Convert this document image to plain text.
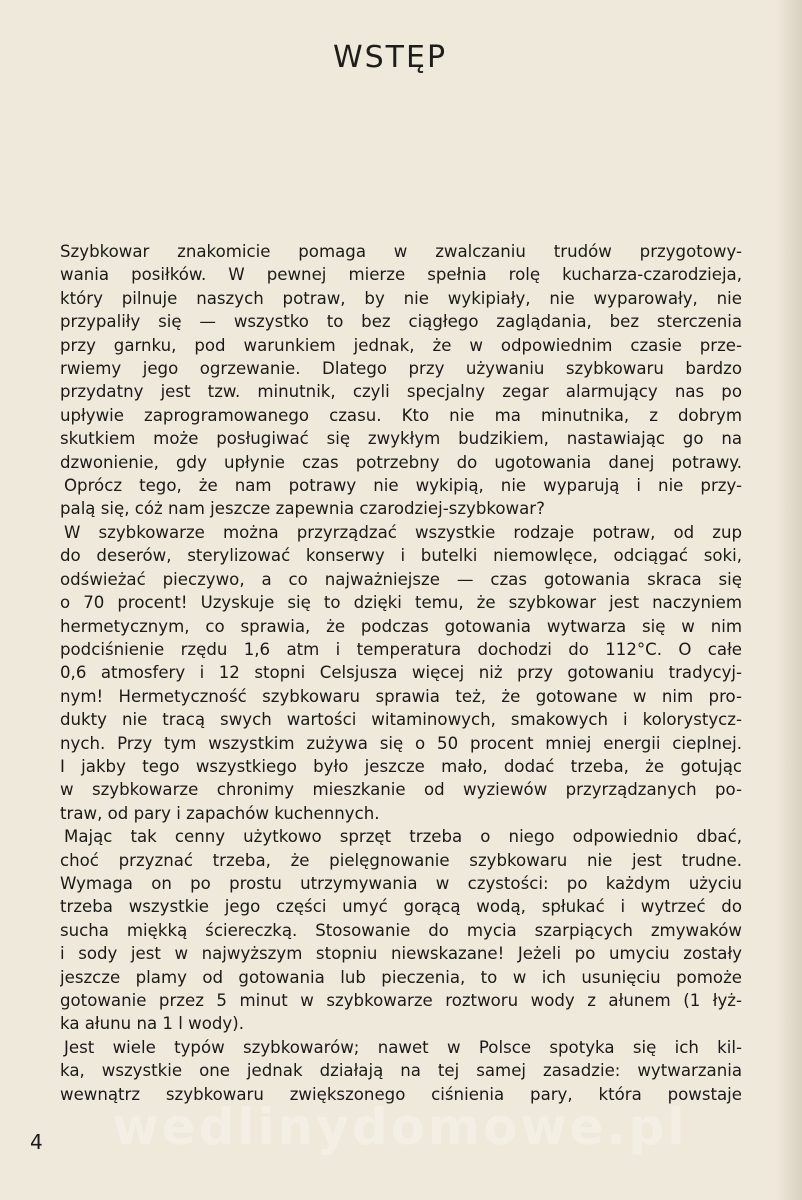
WSTĘP
Szybkowar znakomicie pomaga w zwalczaniu trudów przygotowy-
wania posiłków. W pewnej mierze spełnia rolę kucharza-czarodzieja,
który pilnuje naszych potraw, by nie wykipiały, nie wyparowały, nie
przypaliły się — wszystko to bez ciągłego zaglądania, bez sterczenia
przy garnku, pod warunkiem jednak, że w odpowiednim czasie prze-
rwiemy jego ogrzewanie. Dlatego przy używaniu szybkowaru bardzo
przydatny jest tzw. minutnik, czyli specjalny zegar alarmujący nas po
upływie zaprogramowanego czasu. Kto nie ma minutnika, z dobrym
skutkiem może posługiwać się zwykłym budzikiem, nastawiając go na
dzwonienie, gdy upłynie czas potrzebny do ugotowania danej potrawy.
Oprócz tego, że nam potrawy nie wykipią, nie wyparują i nie przy-
palą się, cóż nam jeszcze zapewnia czarodziej-szybkowar?
W szybkowarze można przyrządzać wszystkie rodzaje potraw, od zup
do deserów, sterylizować konserwy i butelki niemowlęce, odciągać soki,
odświeżać pieczywo, a co najważniejsze — czas gotowania skraca się
o 70 procent! Uzyskuje się to dzięki temu, że szybkowar jest naczyniem
hermetycznym, co sprawia, że podczas gotowania wytwarza się w nim
podciśnienie rzędu 1,6 atm i temperatura dochodzi do 112°C. O całe
0,6 atmosfery i 12 stopni Celsjusza więcej niż przy gotowaniu tradycyj-
nym! Hermetyczność szybkowaru sprawia też, że gotowane w nim pro-
dukty nie tracą swych wartości witaminowych, smakowych i kolorystycz-
nych. Przy tym wszystkim zużywa się o 50 procent mniej energii cieplnej.
I jakby tego wszystkiego było jeszcze mało, dodać trzeba, że gotując
w szybkowarze chronimy mieszkanie od wyziewów przyrządzanych po-
traw, od pary i zapachów kuchennych.
Mając tak cenny użytkowo sprzęt trzeba o niego odpowiednio dbać,
choć przyznać trzeba, że pielęgnowanie szybkowaru nie jest trudne.
Wymaga on po prostu utrzymywania w czystości: po każdym użyciu
trzeba wszystkie jego części umyć gorącą wodą, spłukać i wytrzeć do
sucha miękką ściereczką. Stosowanie do mycia szarpiących zmywaków
i sody jest w najwyższym stopniu niewskazane! Jeżeli po umyciu zostały
jeszcze plamy od gotowania lub pieczenia, to w ich usunięciu pomoże
gotowanie przez 5 minut w szybkowarze roztworu wody z ałunem (1 łyż-
ka ałunu na 1 l wody).
Jest wiele typów szybkowarów; nawet w Polsce spotyka się ich kil-
ka, wszystkie one jednak działają na tej samej zasadzie: wytwarzania
wewnątrz szybkowaru zwiększonego ciśnienia pary, która powstaje

wedlinydomowe.pl

4
